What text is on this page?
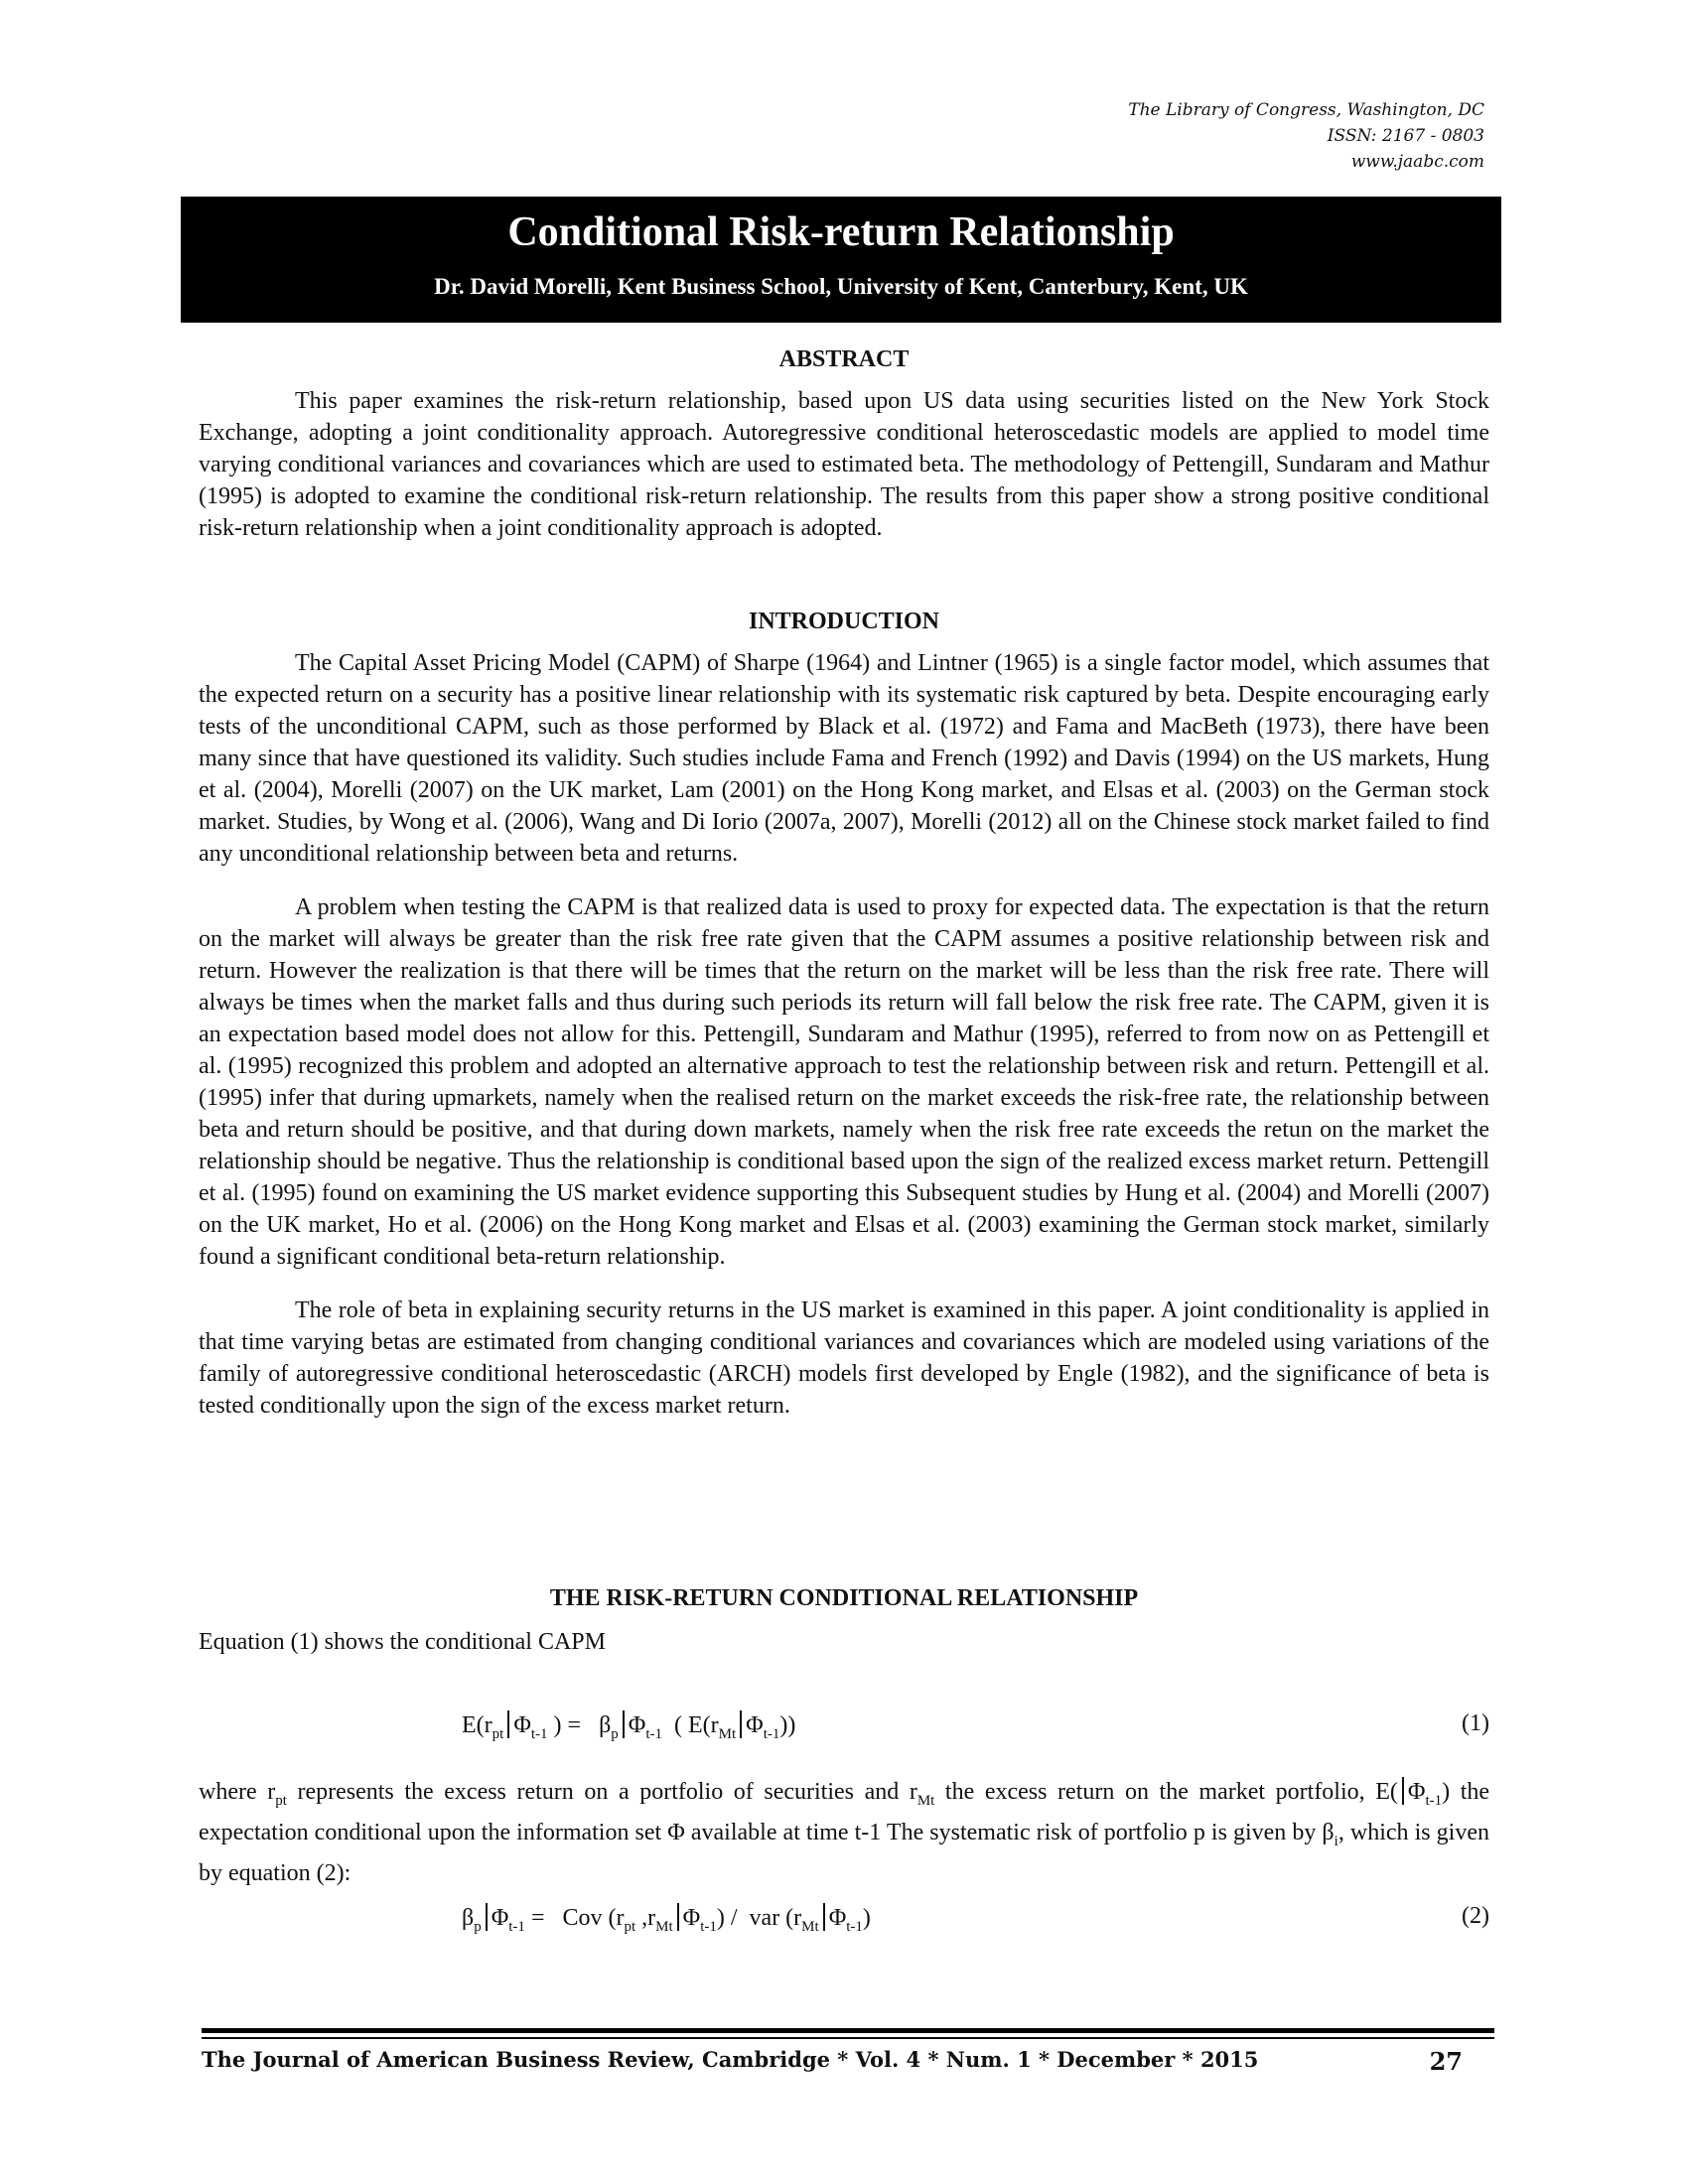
The Library of Congress, Washington, DC
ISSN: 2167 - 0803
www.jaabc.com
Conditional Risk-return Relationship
Dr. David Morelli, Kent Business School, University of Kent, Canterbury, Kent, UK
ABSTRACT

This paper examines the risk-return relationship, based upon US data using securities listed on the New York Stock Exchange, adopting a joint conditionality approach. Autoregressive conditional heteroscedastic models are applied to model time varying conditional variances and covariances which are used to estimated beta. The methodology of Pettengill, Sundaram and Mathur (1995) is adopted to examine the conditional risk-return relationship. The results from this paper show a strong positive conditional risk-return relationship when a joint conditionality approach is adopted.

INTRODUCTION

The Capital Asset Pricing Model (CAPM) of Sharpe (1964) and Lintner (1965) is a single factor model, which assumes that the expected return on a security has a positive linear relationship with its systematic risk captured by beta. Despite encouraging early tests of the unconditional CAPM, such as those performed by Black et al. (1972) and Fama and MacBeth (1973), there have been many since that have questioned its validity. Such studies include Fama and French (1992) and Davis (1994) on the US markets, Hung et al. (2004), Morelli (2007) on the UK market, Lam (2001) on the Hong Kong market, and Elsas et al. (2003) on the German stock market. Studies, by Wong et al. (2006), Wang and Di Iorio (2007a, 2007), Morelli (2012) all on the Chinese stock market failed to find any unconditional relationship between beta and returns.

A problem when testing the CAPM is that realized data is used to proxy for expected data. The expectation is that the return on the market will always be greater than the risk free rate given that the CAPM assumes a positive relationship between risk and return. However the realization is that there will be times that the return on the market will be less than the risk free rate. There will always be times when the market falls and thus during such periods its return will fall below the risk free rate. The CAPM, given it is an expectation based model does not allow for this. Pettengill, Sundaram and Mathur (1995), referred to from now on as Pettengill et al. (1995) recognized this problem and adopted an alternative approach to test the relationship between risk and return. Pettengill et al. (1995) infer that during upmarkets, namely when the realised return on the market exceeds the risk-free rate, the relationship between beta and return should be positive, and that during down markets, namely when the risk free rate exceeds the retun on the market the relationship should be negative. Thus the relationship is conditional based upon the sign of the realized excess market return. Pettengill et al. (1995) found on examining the US market evidence supporting this Subsequent studies by Hung et al. (2004) and Morelli (2007) on the UK market, Ho et al. (2006) on the Hong Kong market and Elsas et al. (2003) examining the German stock market, similarly found a significant conditional beta-return relationship.

The role of beta in explaining security returns in the US market is examined in this paper. A joint conditionality is applied in that time varying betas are estimated from changing conditional variances and covariances which are modeled using variations of the family of autoregressive conditional heteroscedastic (ARCH) models first developed by Engle (1982), and the significance of beta is tested conditionally upon the sign of the excess market return.

THE RISK-RETURN CONDITIONAL RELATIONSHIP

Equation (1) shows the conditional CAPM

$E(r_{pt}$ $\Phi_{t-1}$ ) =   $\beta_p$ $\Phi_{t-1}$  ( $E(r_{Mt}$ $\Phi_{t-1}$))	(1)

where $r_{pt}$ represents the excess return on a portfolio of securities and $r_{Mt}$ the excess return on the market portfolio, E( $\Phi_{t-1}$) the expectation conditional upon the information set Φ available at time t-1 The systematic risk of portfolio p is given by $\beta_i$, which is given by equation (2):

$\beta_p$ $\Phi_{t-1}$ =   Cov ($r_{pt}$ $,r_{Mt}$ $\Phi_{t-1}$) /  var ($r_{Mt}$ $\Phi_{t-1}$)	(2)
The Journal of American Business Review, Cambridge * Vol. 4 * Num. 1 * December * 2015	27
